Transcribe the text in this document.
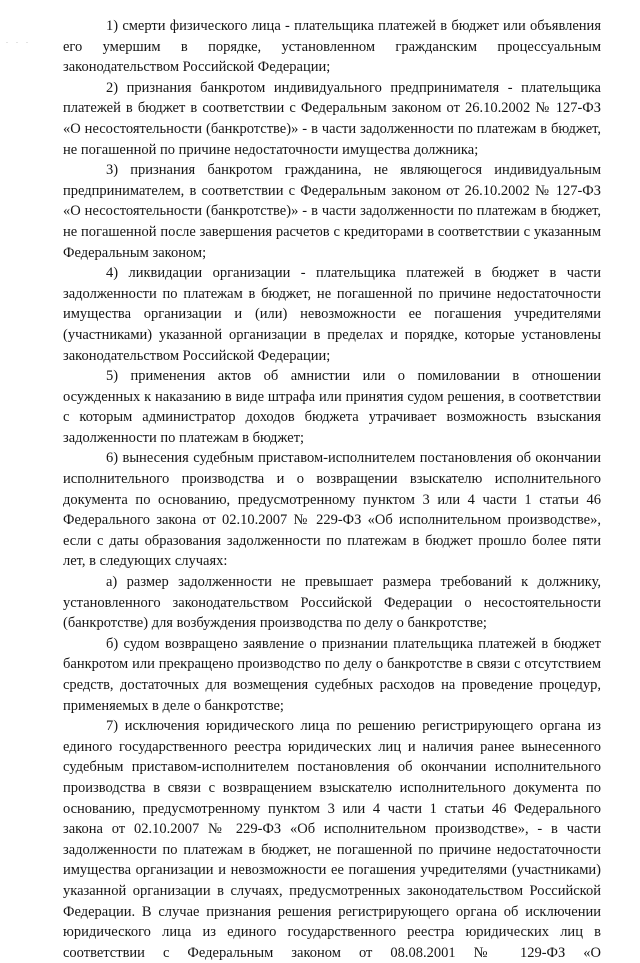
. . .

1) смерти физического лица - плательщика платежей в бюджет или объявления его умершим в порядке, установленном гражданским процессуальным законодательством Российской Федерации;

2) признания банкротом индивидуального предпринимателя - плательщика платежей в бюджет в соответствии с Федеральным законом от 26.10.2002 № 127-ФЗ «О несостоятельности (банкротстве)» - в части задолженности по платежам в бюджет, не погашенной по причине недостаточности имущества должника;

3) признания банкротом гражданина, не являющегося индивидуальным предпринимателем, в соответствии с Федеральным законом от 26.10.2002 № 127-ФЗ «О несостоятельности (банкротстве)» - в части задолженности по платежам в бюджет, не погашенной после завершения расчетов с кредиторами в соответствии с указанным Федеральным законом;

4) ликвидации организации - плательщика платежей в бюджет в части задолженности по платежам в бюджет, не погашенной по причине недостаточности имущества организации и (или) невозможности ее погашения учредителями (участниками) указанной организации в пределах и порядке, которые установлены законодательством Российской Федерации;

5) применения актов об амнистии или о помиловании в отношении осужденных к наказанию в виде штрафа или принятия судом решения, в соответствии с которым администратор доходов бюджета утрачивает возможность взыскания задолженности по платежам в бюджет;

6) вынесения судебным приставом-исполнителем постановления об окончании исполнительного производства и о возвращении взыскателю исполнительного документа по основанию, предусмотренному пунктом 3 или 4 части 1 статьи 46 Федерального закона от 02.10.2007 № 229-ФЗ «Об исполнительном производстве», если с даты образования задолженности по платежам в бюджет прошло более пяти лет, в следующих случаях:

а) размер задолженности не превышает размера требований к должнику, установленного законодательством Российской Федерации о несостоятельности (банкротстве) для возбуждения производства по делу о банкротстве;

б) судом возвращено заявление о признании плательщика платежей в бюджет банкротом или прекращено производство по делу о банкротстве в связи с отсутствием средств, достаточных для возмещения судебных расходов на проведение процедур, применяемых в деле о банкротстве;

7) исключения юридического лица по решению регистрирующего органа из единого государственного реестра юридических лиц и наличия ранее вынесенного судебным приставом-исполнителем постановления об окончании исполнительного производства в связи с возвращением взыскателю исполнительного документа по основанию, предусмотренному пунктом 3 или 4 части 1 статьи 46 Федерального закона от 02.10.2007 № 229-ФЗ «Об исполнительном производстве», - в части задолженности по платежам в бюджет, не погашенной по причине недостаточности имущества организации и невозможности ее погашения учредителями (участниками) указанной организации в случаях, предусмотренных законодательством Российской Федерации. В случае признания решения регистрирующего органа об исключении юридического лица из единого государственного реестра юридических лиц в соответствии с Федеральным законом от 08.08.2001 № 129-ФЗ «О
